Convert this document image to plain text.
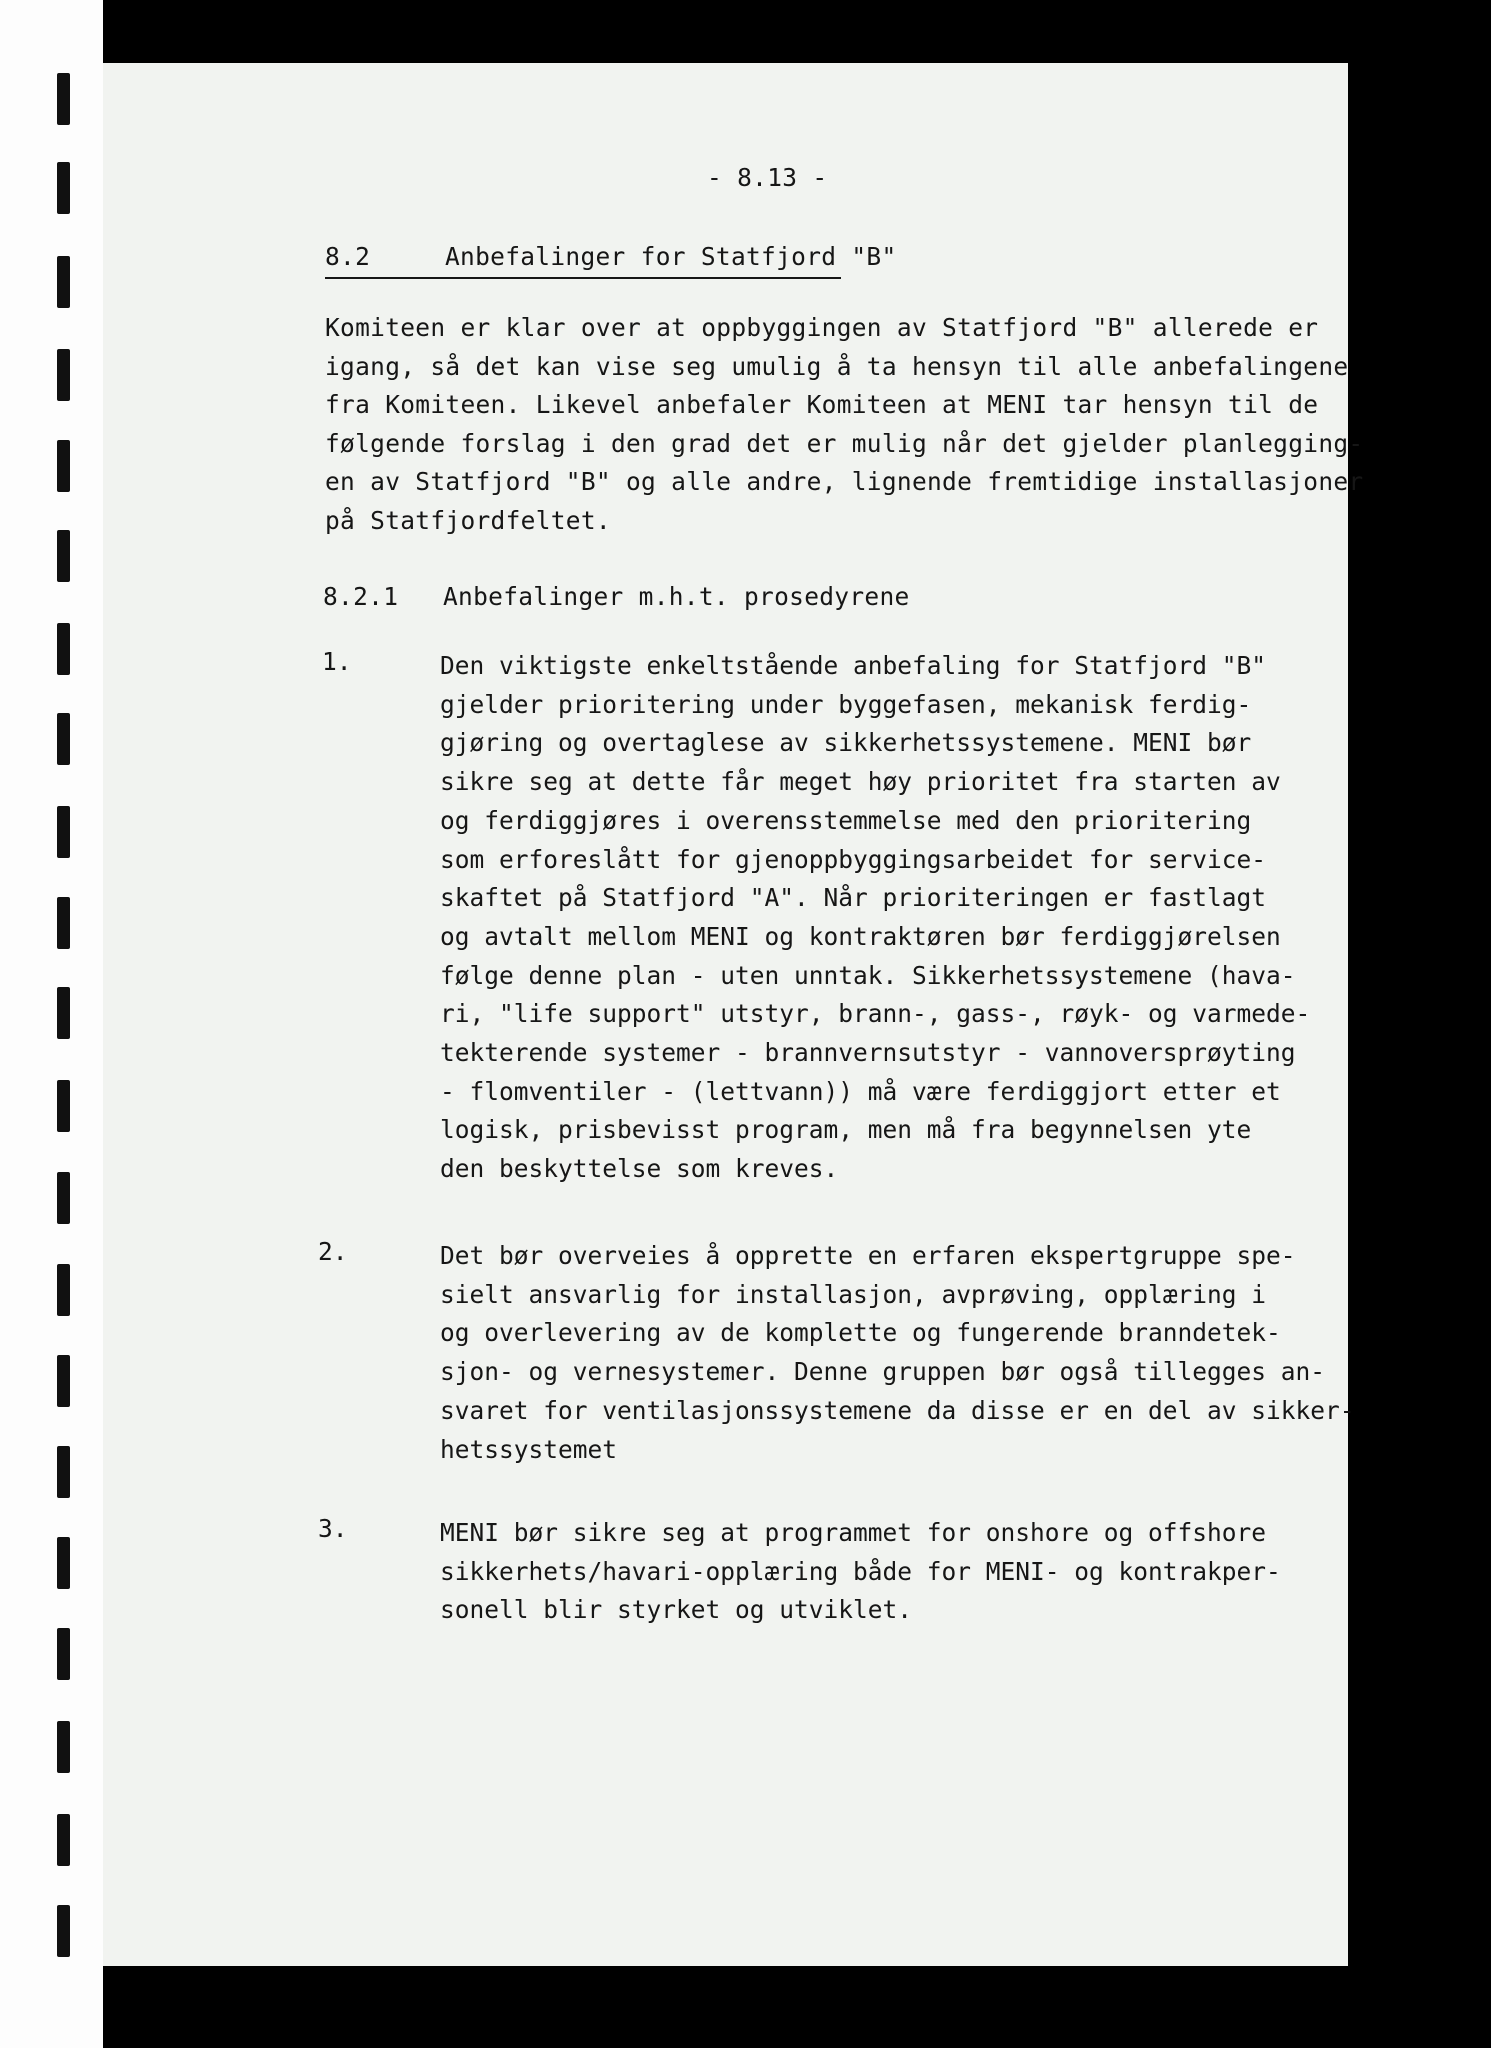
- 8.13 -
8.2	Anbefalinger for Statfjord "B"
Komiteen er klar over at oppbyggingen av Statfjord "B" allerede er
igang, så det kan vise seg umulig å ta hensyn til alle anbefalingene
fra Komiteen. Likevel anbefaler Komiteen at MENI tar hensyn til de
følgende forslag i den grad det er mulig når det gjelder planlegging-
en av Statfjord "B" og alle andre, lignende fremtidige installasjoner
på Statfjordfeltet.
8.2.1 Anbefalinger m.h.t. prosedyrene
1.	Den viktigste enkeltstående anbefaling for Statfjord "B"
gjelder prioritering under byggefasen, mekanisk ferdig-
gjøring og overtaglese av sikkerhetssystemene. MENI bør
sikre seg at dette får meget høy prioritet fra starten av
og ferdiggjøres i overensstemmelse med den prioritering
som erforeslått for gjenoppbyggingsarbeidet for service-
skaftet på Statfjord "A". Når prioriteringen er fastlagt
og avtalt mellom MENI og kontraktøren bør ferdiggjørelsen
følge denne plan - uten unntak. Sikkerhetssystemene (hava-
ri, "life support" utstyr, brann-, gass-, røyk- og varmede-
tekterende systemer - brannvernsutstyr - vannoversprøyting
- flomventiler - (lettvann)) må være ferdiggjort etter et
logisk, prisbevisst program, men må fra begynnelsen yte
den beskyttelse som kreves.
2.	Det bør overveies å opprette en erfaren ekspertgruppe spe-
sielt ansvarlig for installasjon, avprøving, opplæring i
og overlevering av de komplette og fungerende branndetek-
sjon- og vernesystemer. Denne gruppen bør også tillegges an-
svaret for ventilasjonssystemene da disse er en del av sikker-
hetssystemet
3.	MENI bør sikre seg at programmet for onshore og offshore
sikkerhets/havari-opplæring både for MENI- og kontrakper-
sonell blir styrket og utviklet.
